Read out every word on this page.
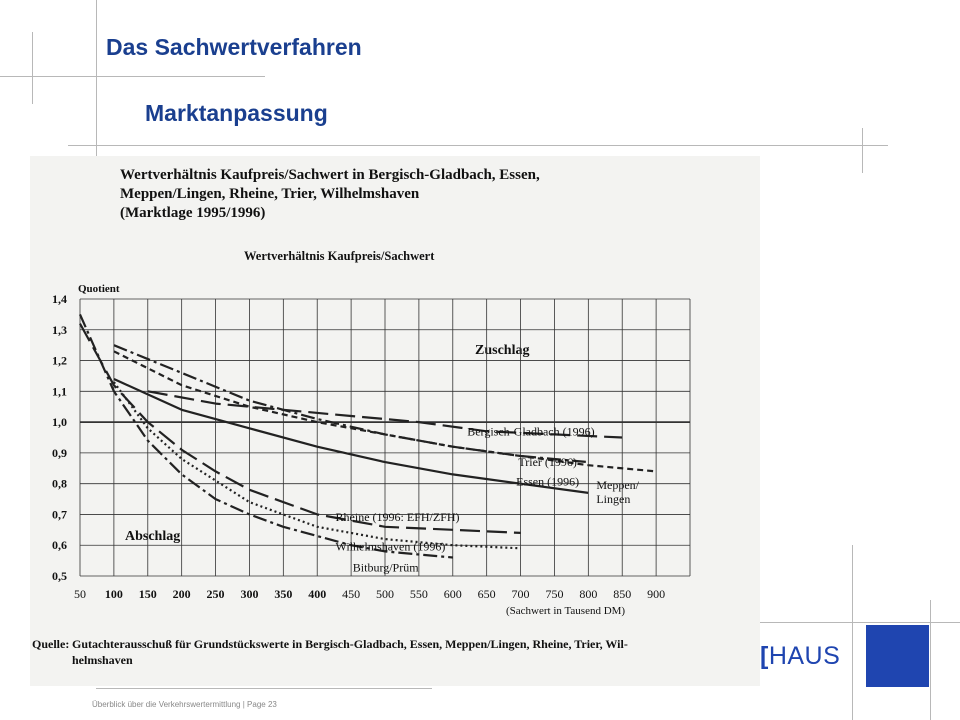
Das Sachwertverfahren
Marktanpassung
Wertverhältnis Kaufpreis/Sachwert in Bergisch-Gladbach, Essen,
Meppen/Lingen, Rheine, Trier, Wilhelmshaven
(Marktlage 1995/1996)
Wertverhältnis Kaufpreis/Sachwert
Quotient
(Sachwert in Tausend DM)
Zuschlag
Abschlag
0,5
0,6
0,7
0,8
0,9
1,0
1,1
1,2
1,3
1,4
50 100 150 200 250 300 350 400 450 500 550 600 650 700 750 800 850 900
Bergisch-Gladbach (1996)
Trier (1996)
Essen (1996) Meppen/ Lingen
Rheine (1996: EFH/ZFH)
Wilhelmshaven (1996)
Bitburg/Prüm
Quelle: Gutachterausschuß für Grundstückswerte in Bergisch-Gladbach, Essen, Meppen/Lingen, Rheine, Trier, Wil-
helmshaven	[HAUS
Überblick über die Verkehrswertermittlung | Page 23
